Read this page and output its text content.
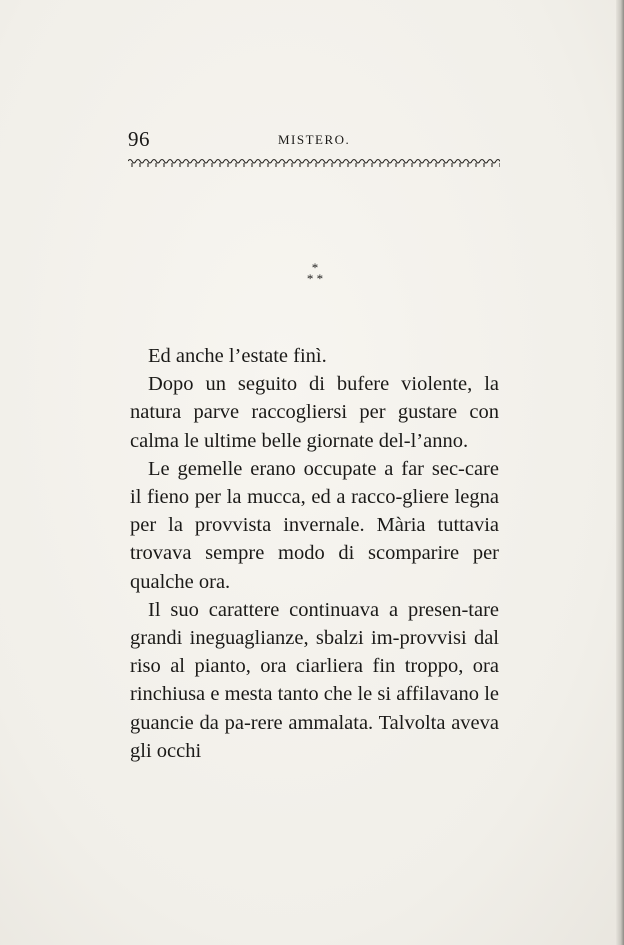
96	MISTERO.
*
* *

Ed anche l’estate finì.

Dopo un seguito di bufere violente, la natura parve raccogliersi per gustare con calma le ultime belle giornate del-l’anno.

Le gemelle erano occupate a far sec-care il fieno per la mucca, ed a racco-gliere legna per la provvista invernale. Mària tuttavia trovava sempre modo di scomparire per qualche ora.

Il suo carattere continuava a presen-tare grandi ineguaglianze, sbalzi im-provvisi dal riso al pianto, ora ciarliera fin troppo, ora rinchiusa e mesta tanto che le si affilavano le guancie da pa-rere ammalata. Talvolta aveva gli occhi
